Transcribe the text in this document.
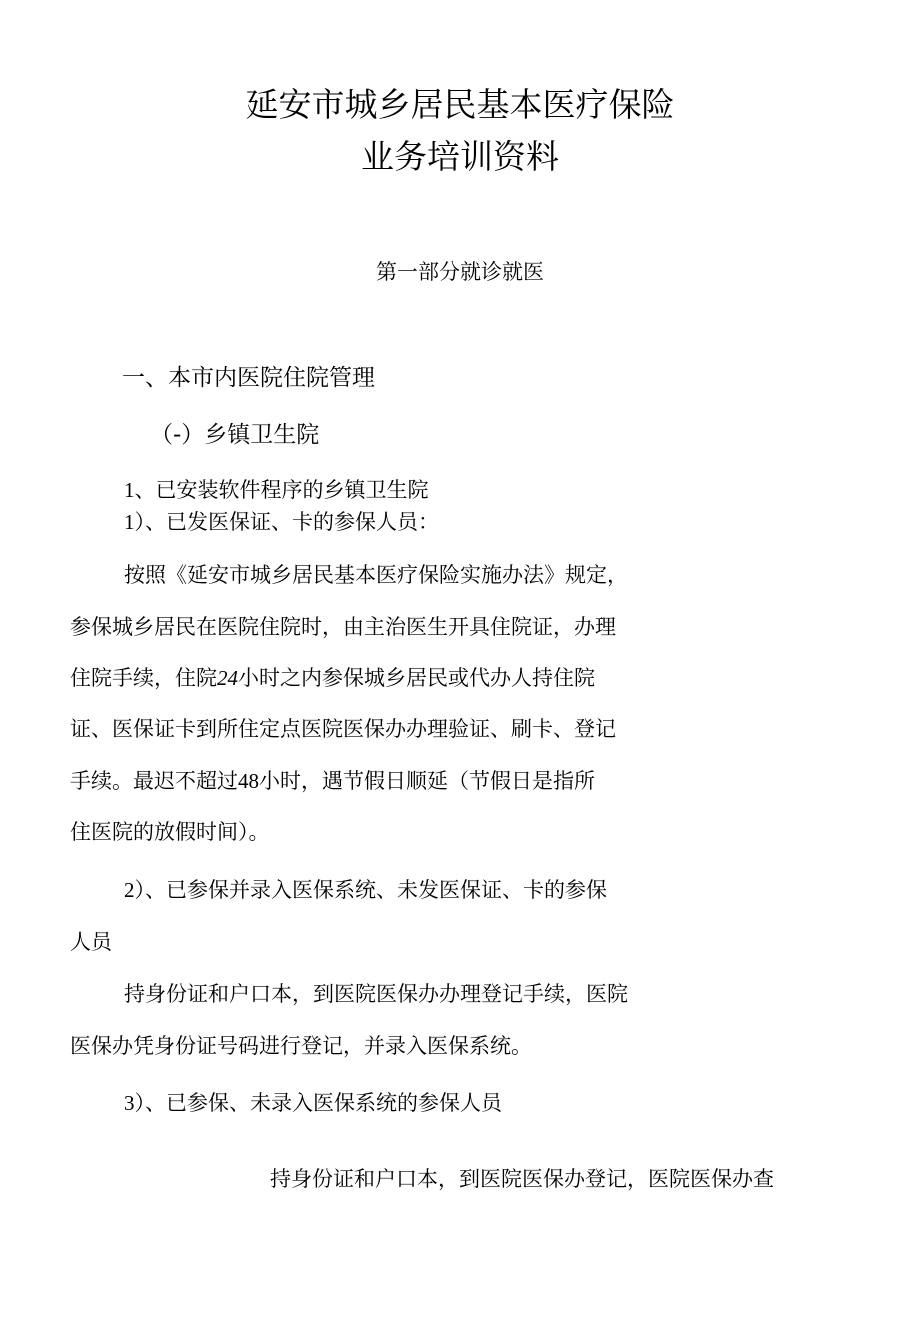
延安市城乡居民基本医疗保险
业务培训资料
第一部分就诊就医
一、本市内医院住院管理
（-）乡镇卫生院
1、已安装软件程序的乡镇卫生院
1）、已发医保证、卡的参保人员：
按照《延安市城乡居民基本医疗保险实施办法》规定，
参保城乡居民在医院住院时，由主治医生开具住院证，办理
住院手续，住院24小时之内参保城乡居民或代办人持住院
证、医保证卡到所住定点医院医保办办理验证、刷卡、登记
手续。最迟不超过48小时，遇节假日顺延（节假日是指所
住医院的放假时间）。
2）、已参保并录入医保系统、未发医保证、卡的参保
人员
持身份证和户口本，到医院医保办办理登记手续，医院
医保办凭身份证号码进行登记，并录入医保系统。
3）、已参保、未录入医保系统的参保人员
持身份证和户口本，到医院医保办登记，医院医保办查
